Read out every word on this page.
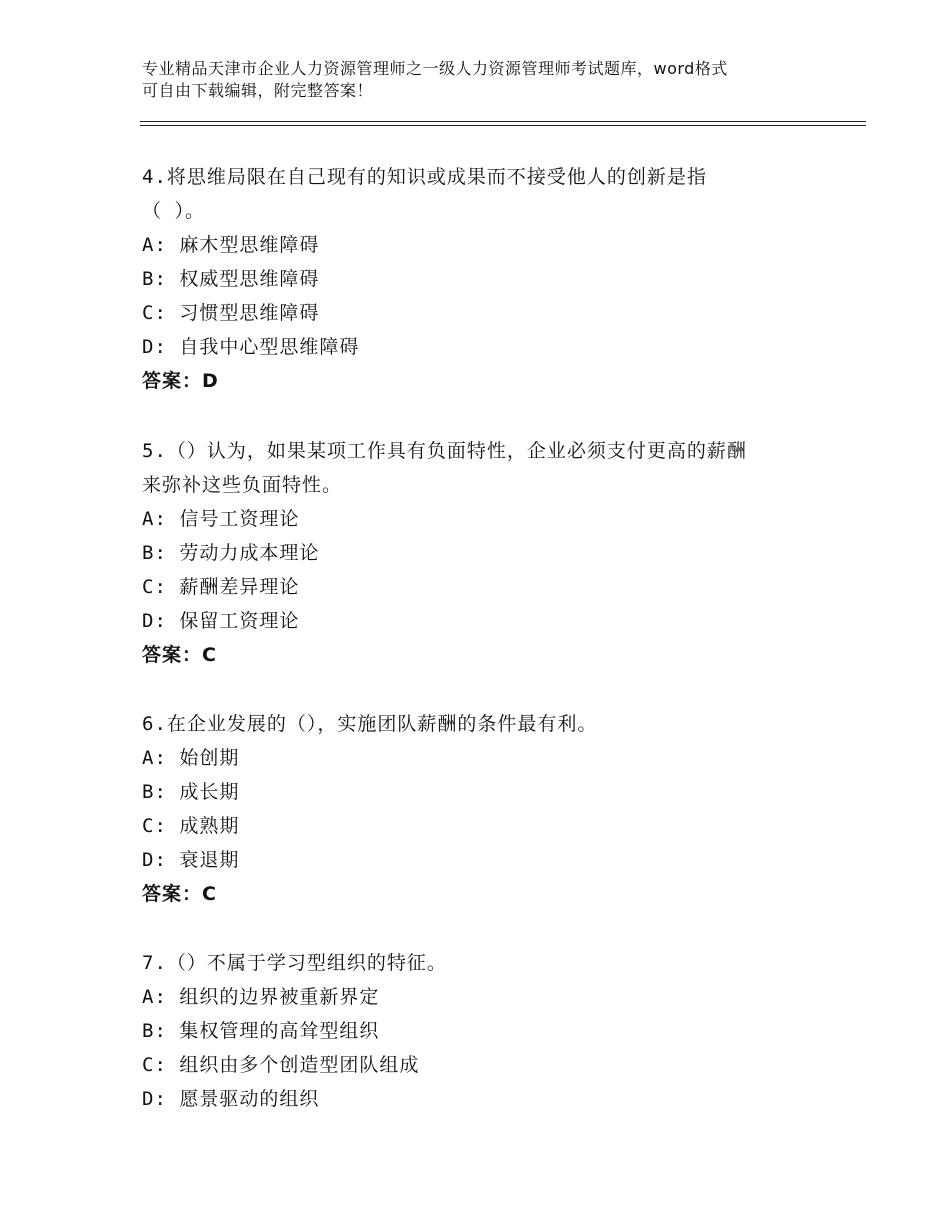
专业精品天津市企业人力资源管理师之一级人力资源管理师考试题库，word格式
可自由下载编辑，附完整答案！
4.将思维局限在自己现有的知识或成果而不接受他人的创新是指
（ ）。
A: 麻木型思维障碍
B: 权威型思维障碍
C: 习惯型思维障碍
D: 自我中心型思维障碍
答案：D
5.（）认为，如果某项工作具有负面特性，企业必须支付更高的薪酬
来弥补这些负面特性。
A: 信号工资理论
B: 劳动力成本理论
C: 薪酬差异理论
D: 保留工资理论
答案：C
6.在企业发展的（），实施团队薪酬的条件最有利。
A: 始创期
B: 成长期
C: 成熟期
D: 衰退期
答案：C
7.（）不属于学习型组织的特征。
A: 组织的边界被重新界定
B: 集权管理的高耸型组织
C: 组织由多个创造型团队组成
D: 愿景驱动的组织
